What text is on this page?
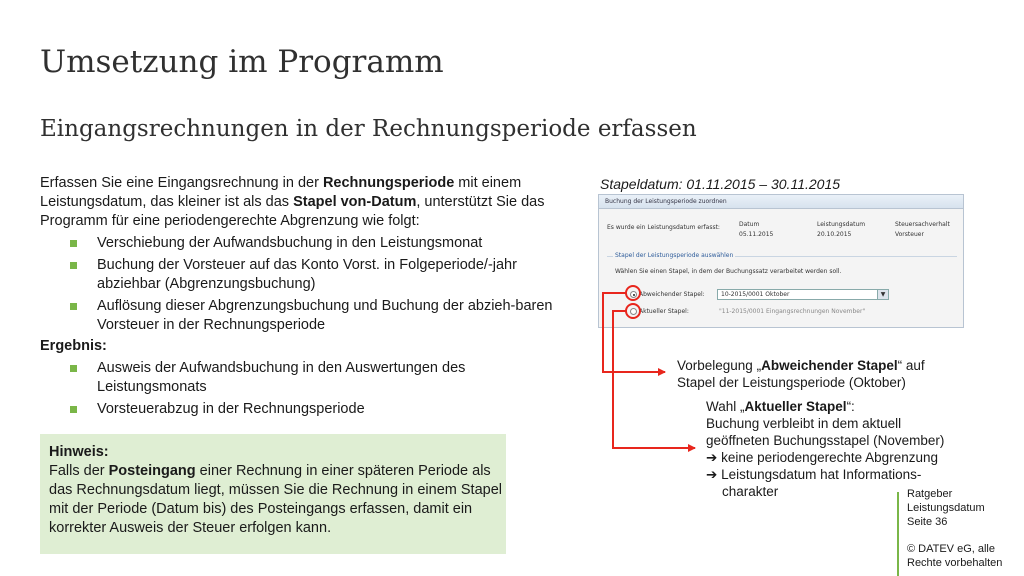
Umsetzung im Programm
Eingangsrechnungen in der Rechnungsperiode erfassen

Erfassen Sie eine Eingangsrechnung in der Rechnungsperiode mit einem Leistungsdatum, das kleiner ist als das Stapel von-Datum, unterstützt Sie das Programm für eine periodengerechte Abgrenzung wie folgt:

Verschiebung der Aufwandsbuchung in den Leistungsmonat
Buchung der Vorsteuer auf das Konto Vorst. in Folgeperiode/-jahr abziehbar (Abgrenzungsbuchung)
Auflösung dieser Abgrenzungsbuchung und Buchung der abzieh-baren Vorsteuer in der Rechnungsperiode

Ergebnis:

Ausweis der Aufwandsbuchung in den Auswertungen des Leistungsmonats
Vorsteuerabzug in der Rechnungsperiode

Hinweis:

Falls der Posteingang einer Rechnung in einer späteren Periode als das Rechnungsdatum liegt, müssen Sie die Rechnung in einem Stapel mit der Periode (Datum bis) des Posteingangs erfassen, damit ein korrekter Ausweis der Steuer erfolgen kann.

Stapeldatum: 01.11.2015 – 30.11.2015
Buchung der Leistungsperiode zuordnen
Es wurde ein Leistungsdatum erfasst:	Datum	Leistungsdatum	Steuersachverhalt
05.11.2015	20.10.2015	Vorsteuer
Stapel der Leistungsperiode auswählen
Wählen Sie einen Stapel, in dem der Buchungssatz verarbeitet werden soll.
Abweichender Stapel:	10-2015/0001 Oktober	▼
Aktueller Stapel:	"11-2015/0001 Eingangsrechnungen November"
Vorbelegung „Abweichender Stapel“ auf
Stapel der Leistungsperiode (Oktober)
Wahl „Aktueller Stapel“:
Buchung verbleibt in dem aktuell
geöffneten Buchungsstapel (November)
➔ keine periodengerechte Abgrenzung
➔ Leistungsdatum hat Informations-
charakter	Ratgeber
Leistungsdatum
Seite 36
© DATEV eG, alle
Rechte vorbehalten
